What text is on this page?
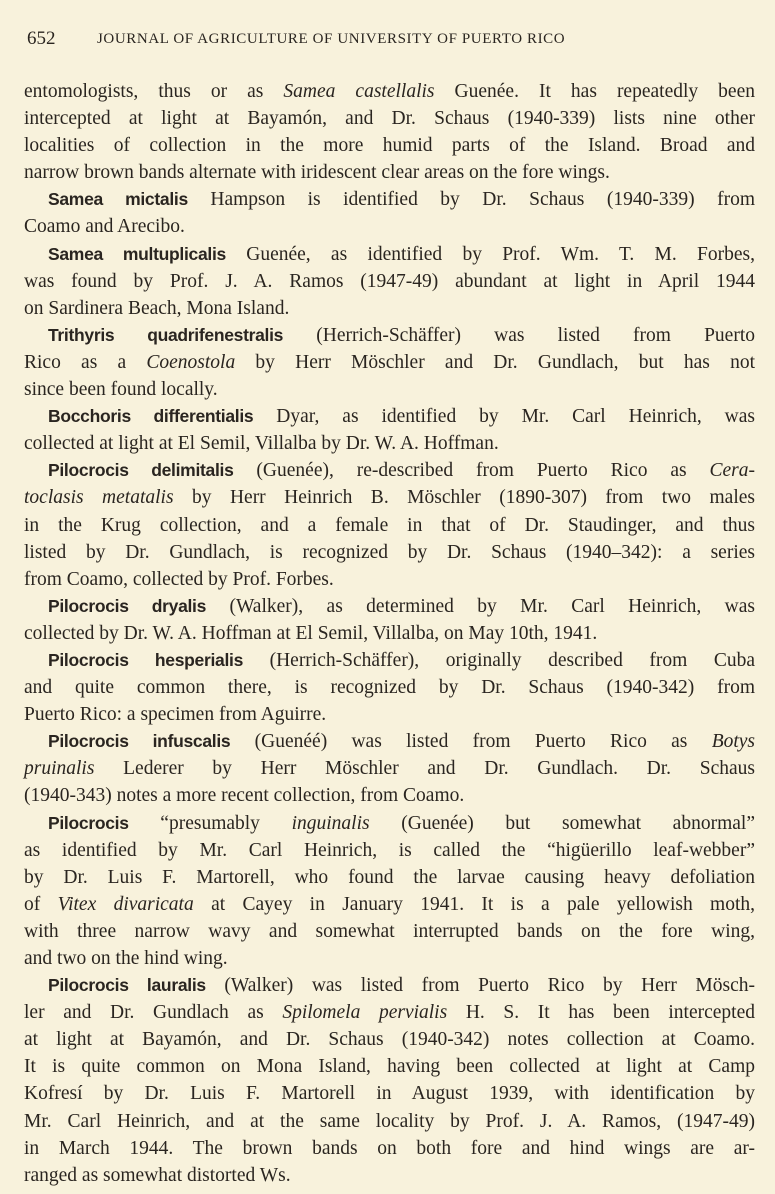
652	JOURNAL OF AGRICULTURE OF UNIVERSITY OF PUERTO RICO
entomologists, thus or as Samea castellalis Guenée. It has repeatedly been
intercepted at light at Bayamón, and Dr. Schaus (1940-339) lists nine other
localities of collection in the more humid parts of the Island. Broad and
narrow brown bands alternate with iridescent clear areas on the fore wings.
Samea mictalis Hampson is identified by Dr. Schaus (1940-339) from
Coamo and Arecibo.
Samea multuplicalis Guenée, as identified by Prof. Wm. T. M. Forbes,
was found by Prof. J. A. Ramos (1947-49) abundant at light in April 1944
on Sardinera Beach, Mona Island.
Trithyris quadrifenestralis (Herrich-Schäffer) was listed from Puerto
Rico as a Coenostola by Herr Möschler and Dr. Gundlach, but has not
since been found locally.
Bocchoris differentialis Dyar, as identified by Mr. Carl Heinrich, was
collected at light at El Semil, Villalba by Dr. W. A. Hoffman.
Pilocrocis delimitalis (Guenée), re-described from Puerto Rico as Cera-
toclasis metatalis by Herr Heinrich B. Möschler (1890-307) from two males
in the Krug collection, and a female in that of Dr. Staudinger, and thus
listed by Dr. Gundlach, is recognized by Dr. Schaus (1940–342): a series
from Coamo, collected by Prof. Forbes.
Pilocrocis dryalis (Walker), as determined by Mr. Carl Heinrich, was
collected by Dr. W. A. Hoffman at El Semil, Villalba, on May 10th, 1941.
Pilocrocis hesperialis (Herrich-Schäffer), originally described from Cuba
and quite common there, is recognized by Dr. Schaus (1940-342) from
Puerto Rico: a specimen from Aguirre.
Pilocrocis infuscalis (Guenéé) was listed from Puerto Rico as Botys
pruinalis Lederer by Herr Möschler and Dr. Gundlach. Dr. Schaus
(1940-343) notes a more recent collection, from Coamo.
Pilocrocis “presumably inguinalis (Guenée) but somewhat abnormal”
as identified by Mr. Carl Heinrich, is called the “higüerillo leaf-webber”
by Dr. Luis F. Martorell, who found the larvae causing heavy defoliation
of Vitex divaricata at Cayey in January 1941. It is a pale yellowish moth,
with three narrow wavy and somewhat interrupted bands on the fore wing,
and two on the hind wing.
Pilocrocis lauralis (Walker) was listed from Puerto Rico by Herr Mösch-
ler and Dr. Gundlach as Spilomela pervialis H. S. It has been intercepted
at light at Bayamón, and Dr. Schaus (1940-342) notes collection at Coamo.
It is quite common on Mona Island, having been collected at light at Camp
Kofresí by Dr. Luis F. Martorell in August 1939, with identification by
Mr. Carl Heinrich, and at the same locality by Prof. J. A. Ramos, (1947-49)
in March 1944. The brown bands on both fore and hind wings are ar-
ranged as somewhat distorted Ws.
